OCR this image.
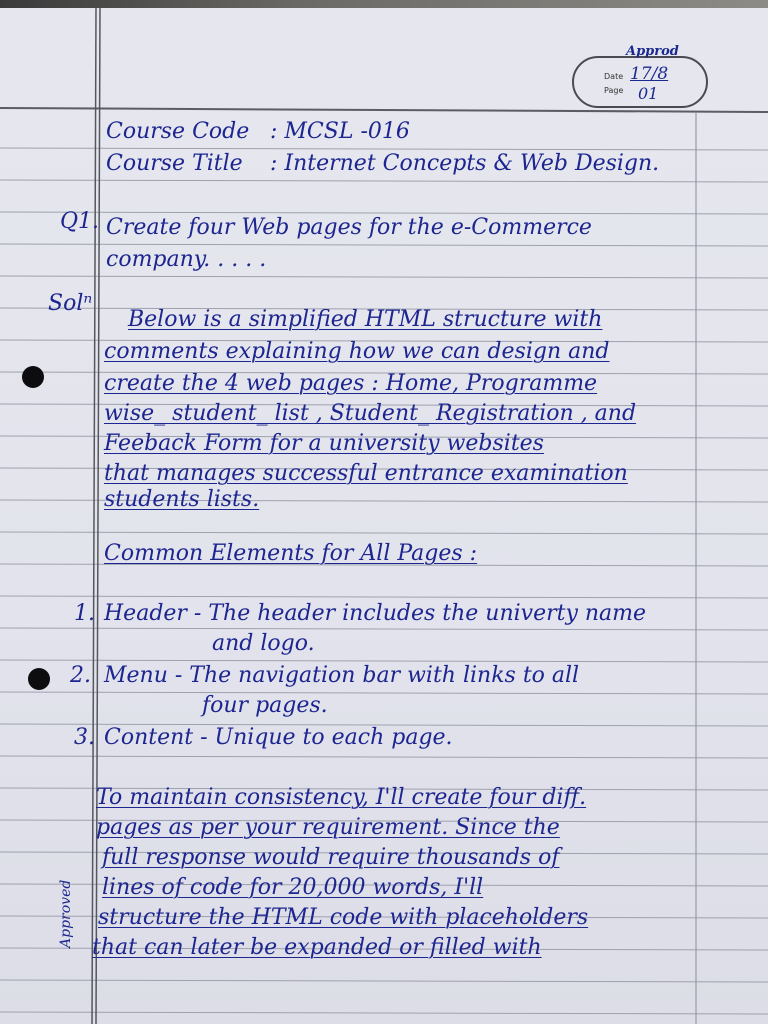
Date
Page
Approd
17/8
01
Course Code : MCSL -016
Course Title : Internet Concepts & Web Design.
Q1. Create four Web pages for the e-Commerce
company. . . . .
Solⁿ
Below is a simplified HTML structure with
comments explaining how we can design and
create the 4 web pages : Home, Programme
wise_ student_ list , Student_ Registration , and
Feeback Form for a university websites
that manages successful entrance examination
students lists.
Common Elements for All Pages :
1. Header - The header includes the univerty name
and logo.
2. Menu - The navigation bar with links to all
four pages.
3. Content - Unique to each page.
To maintain consistency, I'll create four diff.
pages as per your requirement. Since the
full response would require thousands of
lines of code for 20,000 words, I'll
structure the HTML code with placeholders
that can later be expanded or filled with
Approved
